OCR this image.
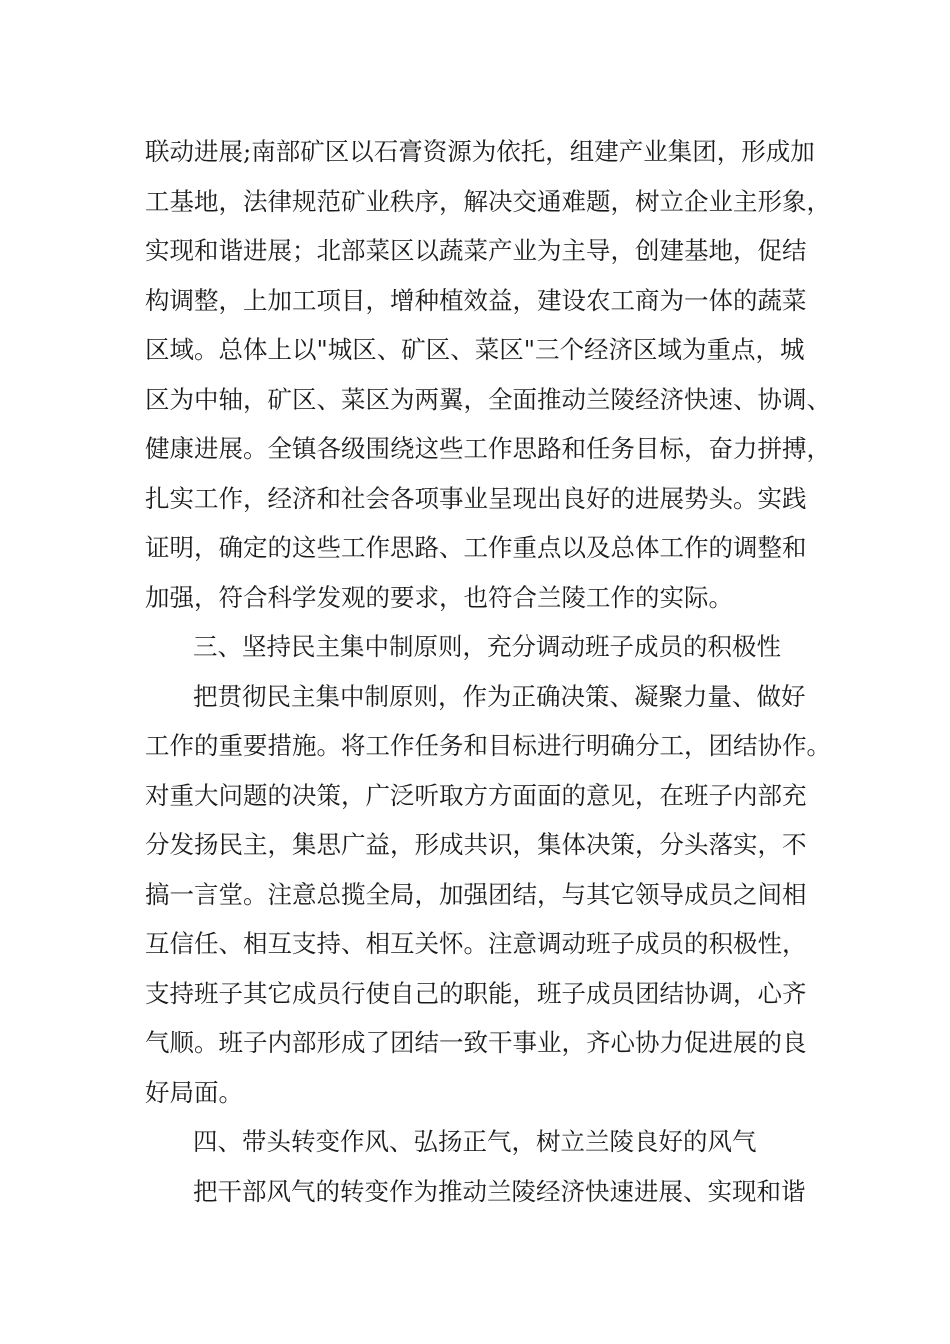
联动进展;南部矿区以石膏资源为依托，组建产业集团，形成加
工基地，法律规范矿业秩序，解决交通难题，树立企业主形象，
实现和谐进展；北部菜区以蔬菜产业为主导，创建基地，促结
构调整，上加工项目，增种植效益，建设农工商为一体的蔬菜
区域。总体上以"城区、矿区、菜区"三个经济区域为重点，城
区为中轴，矿区、菜区为两翼，全面推动兰陵经济快速、协调、
健康进展。全镇各级围绕这些工作思路和任务目标，奋力拼搏，
扎实工作，经济和社会各项事业呈现出良好的进展势头。实践
证明，确定的这些工作思路、工作重点以及总体工作的调整和
加强，符合科学发观的要求，也符合兰陵工作的实际。
三、坚持民主集中制原则，充分调动班子成员的积极性
把贯彻民主集中制原则，作为正确决策、凝聚力量、做好
工作的重要措施。将工作任务和目标进行明确分工，团结协作。
对重大问题的决策，广泛听取方方面面的意见，在班子内部充
分发扬民主，集思广益，形成共识，集体决策，分头落实，不
搞一言堂。注意总揽全局，加强团结，与其它领导成员之间相
互信任、相互支持、相互关怀。注意调动班子成员的积极性，
支持班子其它成员行使自己的职能，班子成员团结协调，心齐
气顺。班子内部形成了团结一致干事业，齐心协力促进展的良
好局面。
四、带头转变作风、弘扬正气，树立兰陵良好的风气
把干部风气的转变作为推动兰陵经济快速进展、实现和谐
